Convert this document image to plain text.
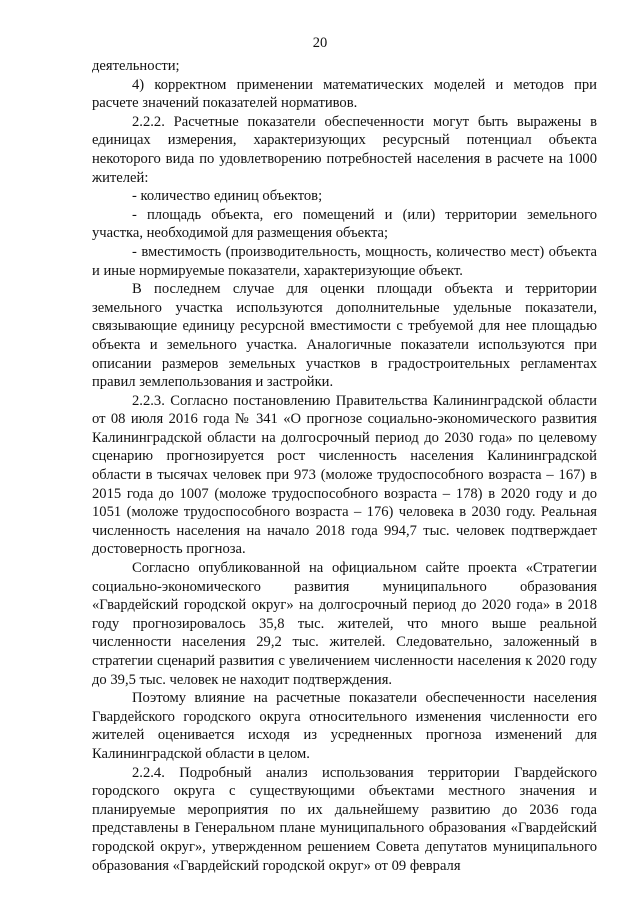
20

деятельности;

4) корректном применении математических моделей и методов при расчете значений показателей нормативов.

2.2.2. Расчетные показатели обеспеченности могут быть выражены в единицах измерения, характеризующих ресурсный потенциал объекта некоторого вида по удовлетворению потребностей населения в расчете на 1000 жителей:

- количество единиц объектов;

- площадь объекта, его помещений и (или) территории земельного участка, необходимой для размещения объекта;

- вместимость (производительность, мощность, количество мест) объекта и иные нормируемые показатели, характеризующие объект.

В последнем случае для оценки площади объекта и территории земельного участка используются дополнительные удельные показатели, связывающие единицу ресурсной вместимости с требуемой для нее площадью объекта и земельного участка. Аналогичные показатели используются при описании размеров земельных участков в градостроительных регламентах правил землепользования и застройки.

2.2.3. Согласно постановлению Правительства Калининградской области от 08 июля 2016 года № 341 «О прогнозе социально-экономического развития Калининградской области на долгосрочный период до 2030 года» по целевому сценарию прогнозируется рост численность населения Калининградской области в тысячах человек при 973 (моложе трудоспособного возраста – 167) в 2015 года до 1007 (моложе трудоспособного возраста – 178) в 2020 году и до 1051 (моложе трудоспособного возраста – 176) человека в 2030 году. Реальная численность населения на начало 2018 года 994,7 тыс. человек подтверждает достоверность прогноза.

Согласно опубликованной на официальном сайте проекта «Стратегии социально-экономического развития муниципального образования «Гвардейский городской округ» на долгосрочный период до 2020 года» в 2018 году прогнозировалось 35,8 тыс. жителей, что много выше реальной численности населения 29,2 тыс. жителей. Следовательно, заложенный в стратегии сценарий развития с увеличением численности населения к 2020 году до 39,5 тыс. человек не находит подтверждения.

Поэтому влияние на расчетные показатели обеспеченности населения Гвардейского городского округа относительного изменения численности его жителей оценивается исходя из усредненных прогноза изменений для Калининградской области в целом.

2.2.4. Подробный анализ использования территории Гвардейского городского округа с существующими объектами местного значения и планируемые мероприятия по их дальнейшему развитию до 2036 года представлены в Генеральном плане муниципального образования «Гвардейский городской округ», утвержденном решением Совета депутатов муниципального образования «Гвардейский городской округ» от 09 февраля
